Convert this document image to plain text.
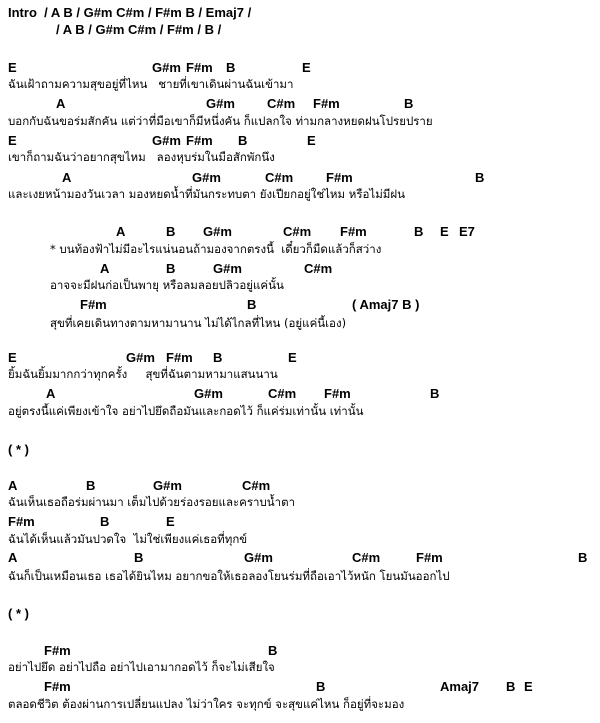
Intro  / A B / G#m C#m / F#m B / Emaj7 /
/ A B / G#m C#m / F#m / B /
E	G#m F#m B	E
ฉันเฝ้าถามความสุขอยู่ที่ไหน   ชายที่เขาเดินผ่านฉันเข้ามา
A	G#m C#m F#m	B
บอกกับฉันขอร่มสักคัน แต่ว่าที่มือเขาก็มีหนึ่งคัน ก็แปลกใจ ท่ามกลางหยดฝนโปรยปราย
E	G#m F#m B	E
เขาก็ถามฉันว่าอยากสุขไหม   ลองหุบร่มในมือสักพักนึง
A	G#m	C#m	F#m	B
และเงยหน้ามองวันเวลา มองหยดน้ำที่มันกระทบตา ยังเปียกอยู่ใช่ไหม หรือไม่มีฝน
A	B G#m	C#m F#m	B E E7
* บนท้องฟ้าไม่มีอะไรแน่นอนถ้ามองจากตรงนี้  เดี๋ยวก็มืดแล้วก็สว่าง
A	B	G#m	C#m
อาจจะมีฝนก่อเป็นพายุ หรือลมลอยปลิวอยู่แค่นั้น
F#m	B	( Amaj7 B )
สุขที่เคยเดินทางตามหามานาน ไม่ได้ไกลที่ไหน (อยู่แค่นี้เอง)
E	G#m F#m B	E
ยิ้มฉันยิ้มมากกว่าทุกครั้ง     สุขที่ฉันตามหามาแสนนาน
A	G#m	C#m F#m	B
อยู่ตรงนี้แค่เพียงเข้าใจ อย่าไปยึดถือมันและกอดไว้ ก็แค่ร่มเท่านั้น เท่านั้น
( * )
A	B	G#m	C#m
ฉันเห็นเธอถือร่มผ่านมา เต็มไปด้วยร่องรอยและคราบน้ำตา
F#m	B	E
ฉันได้เห็นแล้วมันปวดใจ  ไม่ใช่เพียงแค่เธอที่ทุกข์
A	B	G#m	C#m	F#m	B
ฉันก็เป็นเหมือนเธอ เธอได้ยินไหม อยากขอให้เธอลองโยนร่มที่ถือเอาไว้หนัก โยนมันออกไป
( * )
F#m	B
อย่าไปยึด อย่าไปถือ อย่าไปเอามากอดไว้ ก็จะไม่เสียใจ
F#m	B	Amaj7 B E
ตลอดชีวิต ต้องผ่านการเปลี่ยนแปลง ไม่ว่าใคร จะทุกข์ จะสุขแค่ไหน ก็อยู่ที่จะมอง
